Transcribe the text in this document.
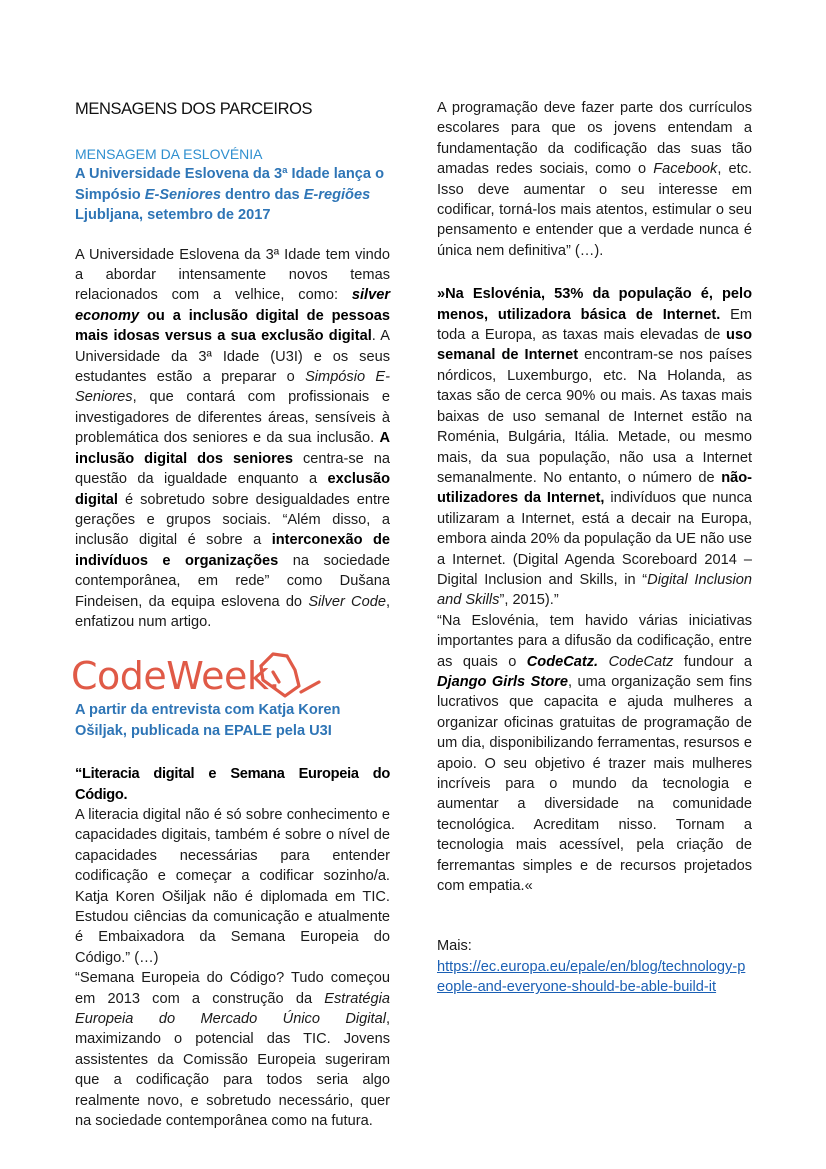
MENSAGENS DOS PARCEIROS

MENSAGEM DA ESLOVÉNIA

A Universidade Eslovena da 3ª Idade lança o Simpósio E-Seniores dentro das E-regiões

Ljubljana, setembro de 2017

A Universidade Eslovena da 3ª Idade tem vindo a abordar intensamente novos temas relacionados com a velhice, como: silver economy ou a inclusão digital de pessoas mais idosas versus a sua exclusão digital. A Universidade da 3ª Idade (U3I) e os seus estudantes estão a preparar o Simpósio E-Seniores, que contará com profissionais e investigadores de diferentes áreas, sensíveis à problemática dos seniores e da sua inclusão. A inclusão digital dos seniores centra-se na questão da igualdade enquanto a exclusão digital é sobretudo sobre desigualdades entre gerações e grupos sociais. “Além disso, a inclusão digital é sobre a interconexão de indivíduos e organizações na sociedade contemporânea, em rede” como Dušana Findeisen, da equipa eslovena do Silver Code, enfatizou num artigo.

CodeWeek.

A partir da entrevista com Katja Koren Ošiljak, publicada na EPALE pela U3I

“Literacia digital e Semana Europeia do Código.

A literacia digital não é só sobre conhecimento e capacidades digitais, também é sobre o nível de capacidades necessárias para entender codificação e começar a codificar sozinho/a. Katja Koren Ošiljak não é diplomada em TIC. Estudou ciências da comunicação e atualmente é Embaixadora da Semana Europeia do Código.” (…)

“Semana Europeia do Código? Tudo começou em 2013 com a construção da Estratégia Europeia do Mercado Único Digital, maximizando o potencial das TIC. Jovens assistentes da Comissão Europeia sugeriram que a codificação para todos seria algo realmente novo, e sobretudo necessário, quer na sociedade contemporânea como na futura.

A programação deve fazer parte dos currículos escolares para que os jovens entendam a fundamentação da codificação das suas tão amadas redes sociais, como o Facebook, etc. Isso deve aumentar o seu interesse em codificar, torná-los mais atentos, estimular o seu pensamento e entender que a verdade nunca é única nem definitiva” (…).

»Na Eslovénia, 53% da população é, pelo menos, utilizadora básica de Internet. Em toda a Europa, as taxas mais elevadas de uso semanal de Internet encontram-se nos países nórdicos, Luxemburgo, etc. Na Holanda, as taxas são de cerca 90% ou mais. As taxas mais baixas de uso semanal de Internet estão na Roménia, Bulgária, Itália. Metade, ou mesmo mais, da sua população, não usa a Internet semanalmente. No entanto, o número de não-utilizadores da Internet, indivíduos que nunca utilizaram a Internet, está a decair na Europa, embora ainda 20% da população da UE não use a Internet. (Digital Agenda Scoreboard 2014 – Digital Inclusion and Skills, in “Digital Inclusion and Skills”, 2015).”

“Na Eslovénia, tem havido várias iniciativas importantes para a difusão da codificação, entre as quais o CodeCatz. CodeCatz fundour a Django Girls Store, uma organização sem fins lucrativos que capacita e ajuda mulheres a organizar oficinas gratuitas de programação de um dia, disponibilizando ferramentas, resursos e apoio. O seu objetivo é trazer mais mulheres incríveis para o mundo da tecnologia e aumentar a diversidade na comunidade tecnológica. Acreditam nisso. Tornam a tecnologia mais acessível, pela criação de ferremantas simples e de recursos projetados com empatia.«

Mais:

https://ec.europa.eu/epale/en/blog/technology-people-and-everyone-should-be-able-build-it
